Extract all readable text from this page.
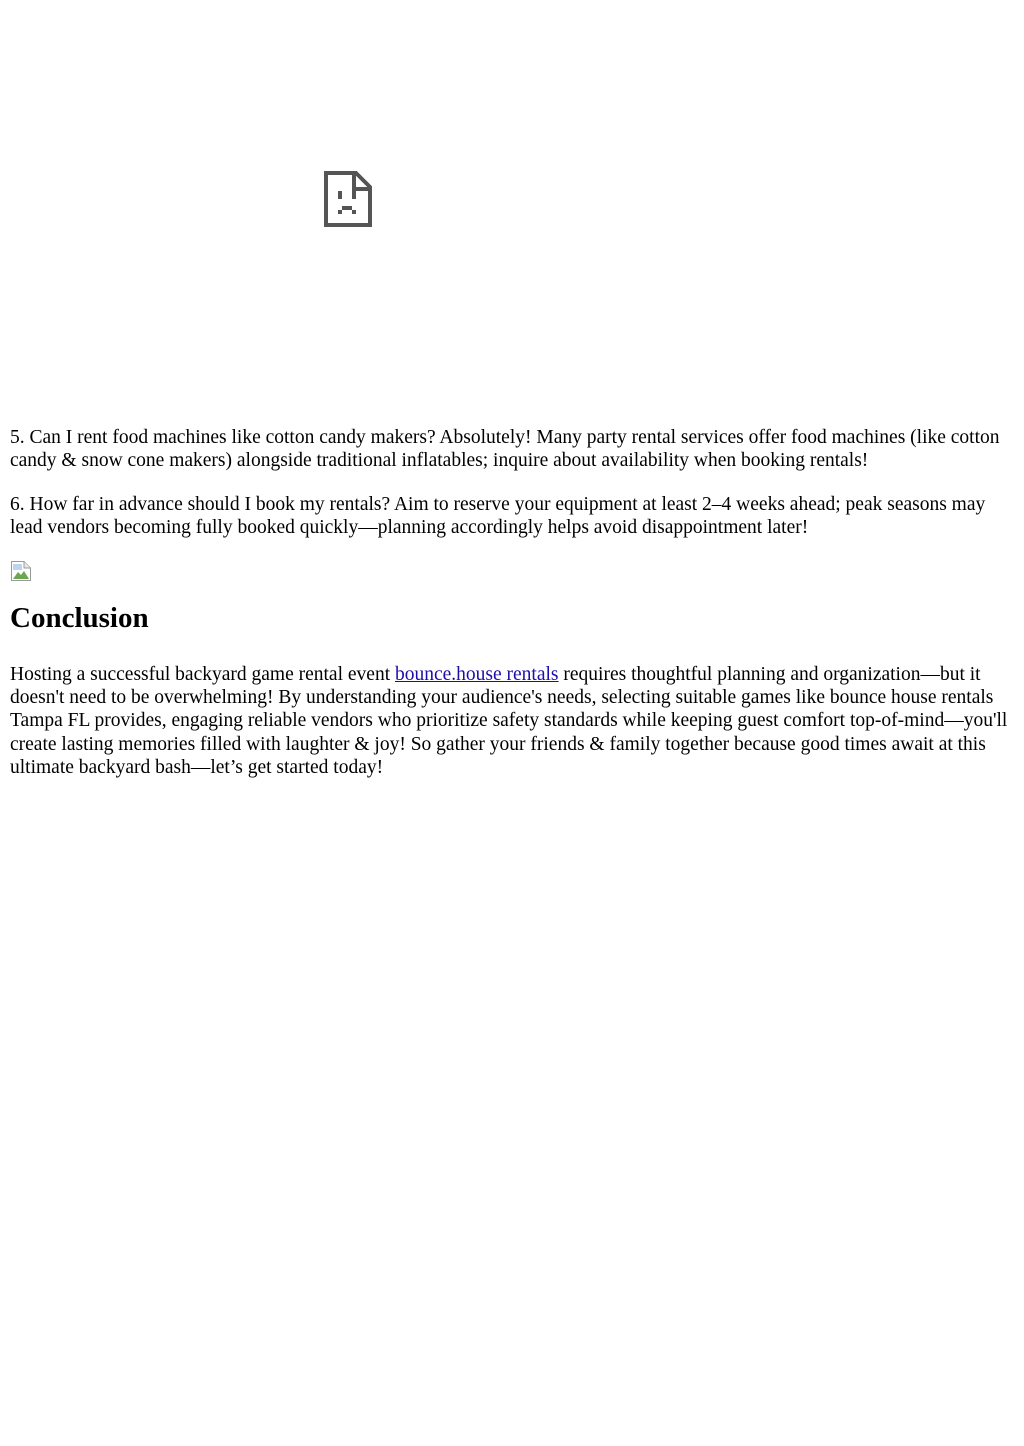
5. Can I rent food machines like cotton candy makers? Absolutely! Many party rental services offer food machines (like cotton candy & snow cone makers) alongside traditional inflatables; inquire about availability when booking rentals!

6. How far in advance should I book my rentals? Aim to reserve your equipment at least 2–4 weeks ahead; peak seasons may lead vendors becoming fully booked quickly—planning accordingly helps avoid disappointment later!

Conclusion

Hosting a successful backyard game rental event bounce.house rentals requires thoughtful planning and organization—but it doesn't need to be overwhelming! By understanding your audience's needs, selecting suitable games like bounce house rentals Tampa FL provides, engaging reliable vendors who prioritize safety standards while keeping guest comfort top-of-mind—you'll create lasting memories filled with laughter & joy! So gather your friends & family together because good times await at this ultimate backyard bash—let’s get started today!
